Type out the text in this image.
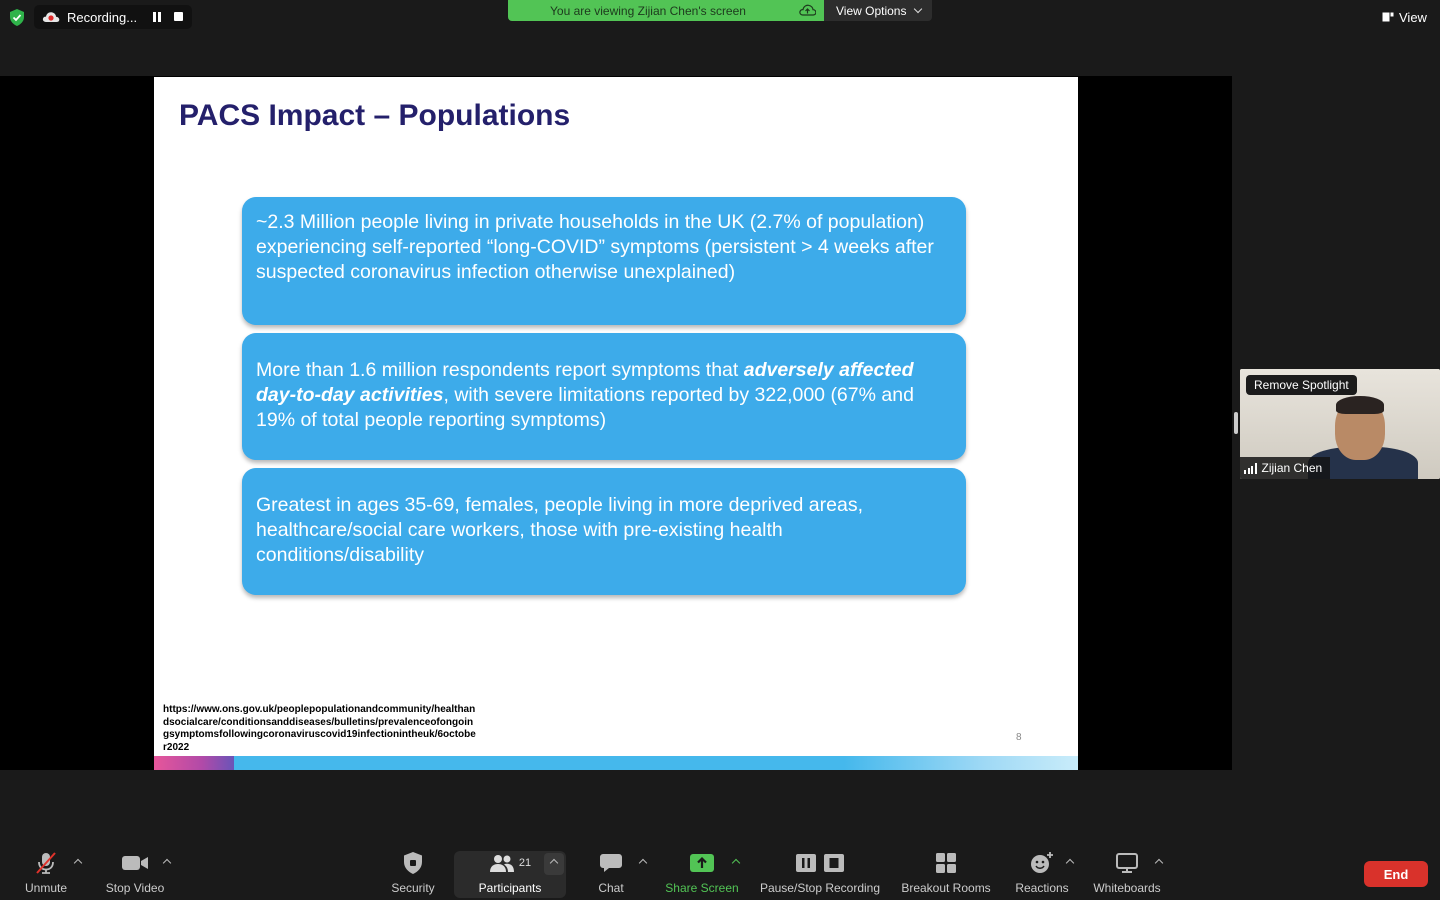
Recording...	You are viewing Zijian Chen's screen	View Options	View
PACS Impact – Populations
~2.3 Million people living in private households in the UK (2.7% of population) experiencing self-reported “long-COVID” symptoms (persistent > 4 weeks after suspected coronavirus infection otherwise unexplained)
More than 1.6 million respondents report symptoms that adversely affected day-to-day activities, with severe limitations reported by 322,000 (67% and 19% of total people reporting symptoms)
Greatest in ages 35-69, females, people living in more deprived areas, healthcare/social care workers, those with pre-existing health conditions/disability
https://www.ons.gov.uk/peoplepopulationandcommunity/healthandsocialcare/conditionsanddiseases/bulletins/prevalenceofongoingsymptomsfollowingcoronaviruscovid19infectionintheuk/6october2022
8
Remove Spotlight
Zijian Chen
Unmute	Stop Video	Security
21
Participants	Chat	Share Screen Pause/Stop Recording Breakout Rooms Reactions Whiteboards
End
